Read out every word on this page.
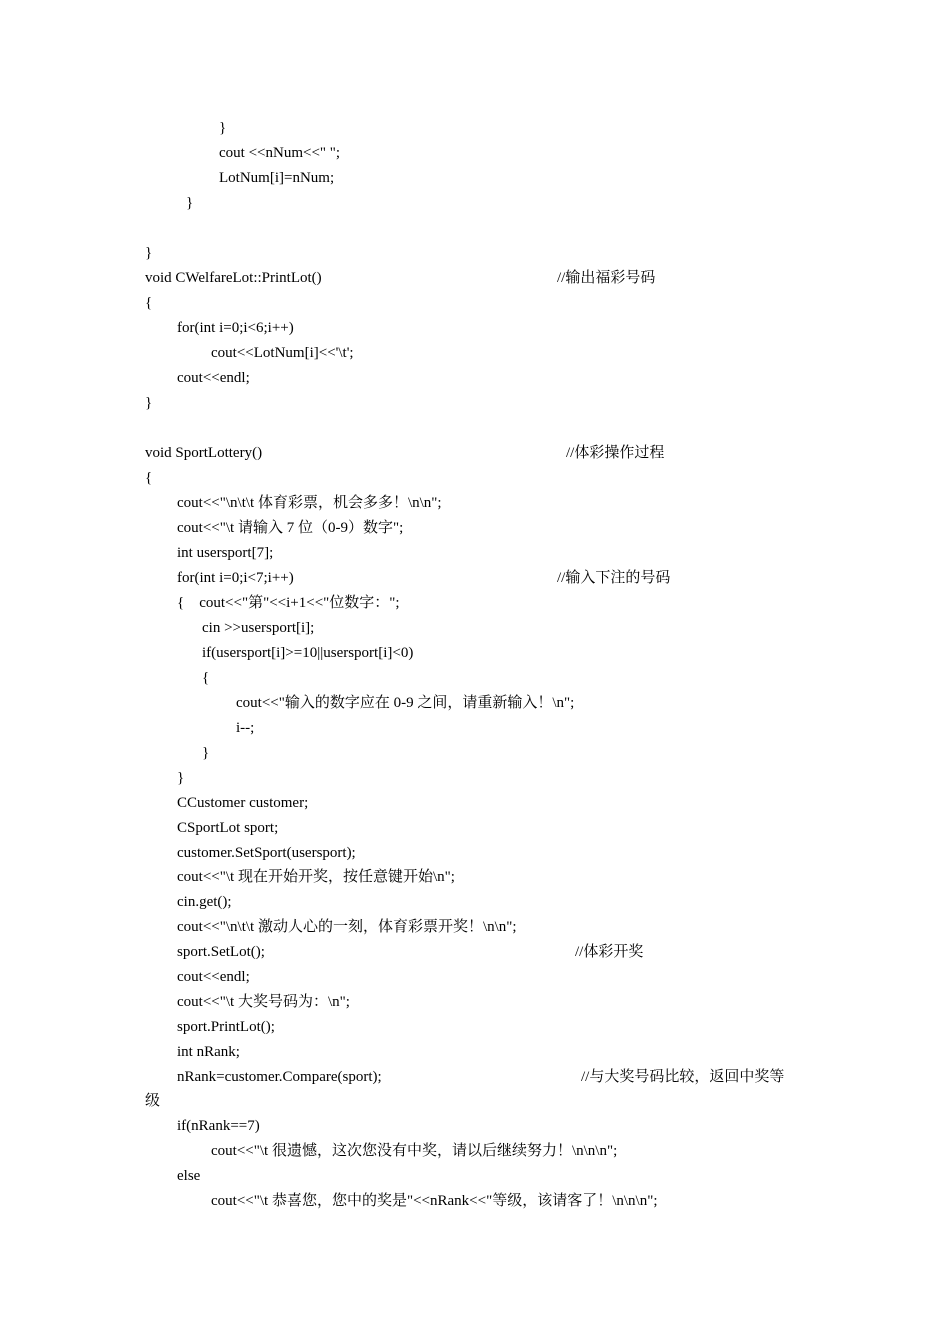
}
cout <<nNum<<" ";
LotNum[i]=nNum;
}
}
void CWelfareLot::PrintLot()	//输出福彩号码
{
for(int i=0;i<6;i++)
cout<<LotNum[i]<<'\t';
cout<<endl;
}
void SportLottery()	//体彩操作过程
{
cout<<"\n\t\t 体育彩票，机会多多！\n\n";
cout<<"\t 请输入 7 位（0-9）数字";
int usersport[7];
for(int i=0;i<7;i++)	//输入下注的号码
{    cout<<"第"<<i+1<<"位数字：";
cin >>usersport[i];
if(usersport[i]>=10||usersport[i]<0)
{
cout<<"输入的数字应在 0-9 之间，请重新输入！\n";
i--;
}
}
CCustomer customer;
CSportLot sport;
customer.SetSport(usersport);
cout<<"\t 现在开始开奖，按任意键开始\n";
cin.get();
cout<<"\n\t\t 激动人心的一刻，体育彩票开奖！\n\n";
sport.SetLot();	//体彩开奖
cout<<endl;
cout<<"\t 大奖号码为：\n";
sport.PrintLot();
int nRank;
nRank=customer.Compare(sport);	//与大奖号码比较，返回中奖等
级
if(nRank==7)
cout<<"\t 很遗憾，这次您没有中奖，请以后继续努力！\n\n\n";
else
cout<<"\t 恭喜您，您中的奖是"<<nRank<<"等级，该请客了！\n\n\n";
